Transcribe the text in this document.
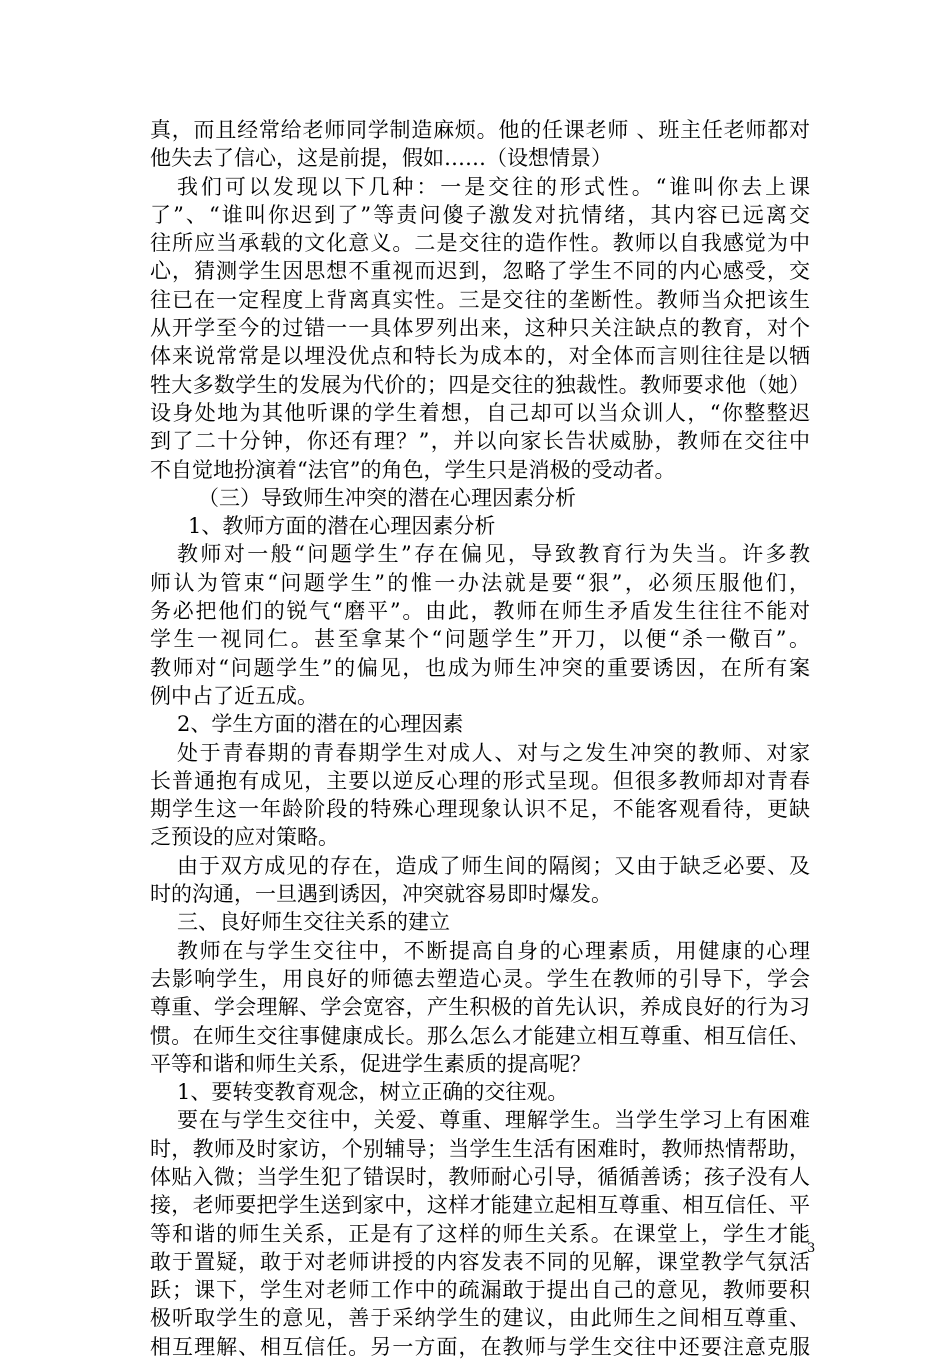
真，而且经常给老师同学制造麻烦。他的任课老师 、班主任老师都对
他失去了信心，这是前提，假如……（设想情景）
我们可以发现以下几种：一是交往的形式性。“谁叫你去上课
了”、“谁叫你迟到了”等责问傻子激发对抗情绪，其内容已远离交
往所应当承载的文化意义。二是交往的造作性。教师以自我感觉为中
心，猜测学生因思想不重视而迟到，忽略了学生不同的内心感受，交
往已在一定程度上背离真实性。三是交往的垄断性。教师当众把该生
从开学至今的过错一一具体罗列出来，这种只关注缺点的教育，对个
体来说常常是以埋没优点和特长为成本的，对全体而言则往往是以牺
牲大多数学生的发展为代价的；四是交往的独裁性。教师要求他（她）
设身处地为其他听课的学生着想，自己却可以当众训人，“你整整迟
到了二十分钟，你还有理？”，并以向家长告状威胁，教师在交往中
不自觉地扮演着“法官”的角色，学生只是消极的受动者。
（三）导致师生冲突的潜在心理因素分析
1、教师方面的潜在心理因素分析
教师对一般“问题学生”存在偏见，导致教育行为失当。许多教
师认为管束“问题学生”的惟一办法就是要“狠”，必须压服他们，
务必把他们的锐气“磨平”。由此，教师在师生矛盾发生往往不能对
学生一视同仁。甚至拿某个“问题学生”开刀，以便“杀一儆百”。
教师对“问题学生”的偏见，也成为师生冲突的重要诱因，在所有案
例中占了近五成。
2、学生方面的潜在的心理因素
处于青春期的青春期学生对成人、对与之发生冲突的教师、对家
长普通抱有成见，主要以逆反心理的形式呈现。但很多教师却对青春
期学生这一年龄阶段的特殊心理现象认识不足，不能客观看待，更缺
乏预设的应对策略。
由于双方成见的存在，造成了师生间的隔阂；又由于缺乏必要、及
时的沟通，一旦遇到诱因，冲突就容易即时爆发。
三、良好师生交往关系的建立
教师在与学生交往中，不断提高自身的心理素质，用健康的心理
去影响学生，用良好的师德去塑造心灵。学生在教师的引导下，学会
尊重、学会理解、学会宽容，产生积极的首先认识，养成良好的行为习
惯。在师生交往事健康成长。那么怎么才能建立相互尊重、相互信任、
平等和谐和师生关系，促进学生素质的提高呢？
1、要转变教育观念，树立正确的交往观。
要在与学生交往中，关爱、尊重、理解学生。当学生学习上有困难
时，教师及时家访，个别辅导；当学生生活有困难时，教师热情帮助，
体贴入微；当学生犯了错误时，教师耐心引导，循循善诱；孩子没有人
接，老师要把学生送到家中，这样才能建立起相互尊重、相互信任、平
等和谐的师生关系，正是有了这样的师生关系。在课堂上，学生才能
敢于置疑，敢于对老师讲授的内容发表不同的见解，课堂教学气氛活
跃；课下，学生对老师工作中的疏漏敢于提出自己的意见，教师要积
极听取学生的意见，善于采纳学生的建议，由此师生之间相互尊重、
相互理解、相互信任。另一方面，在教师与学生交往中还要注意克服
3
